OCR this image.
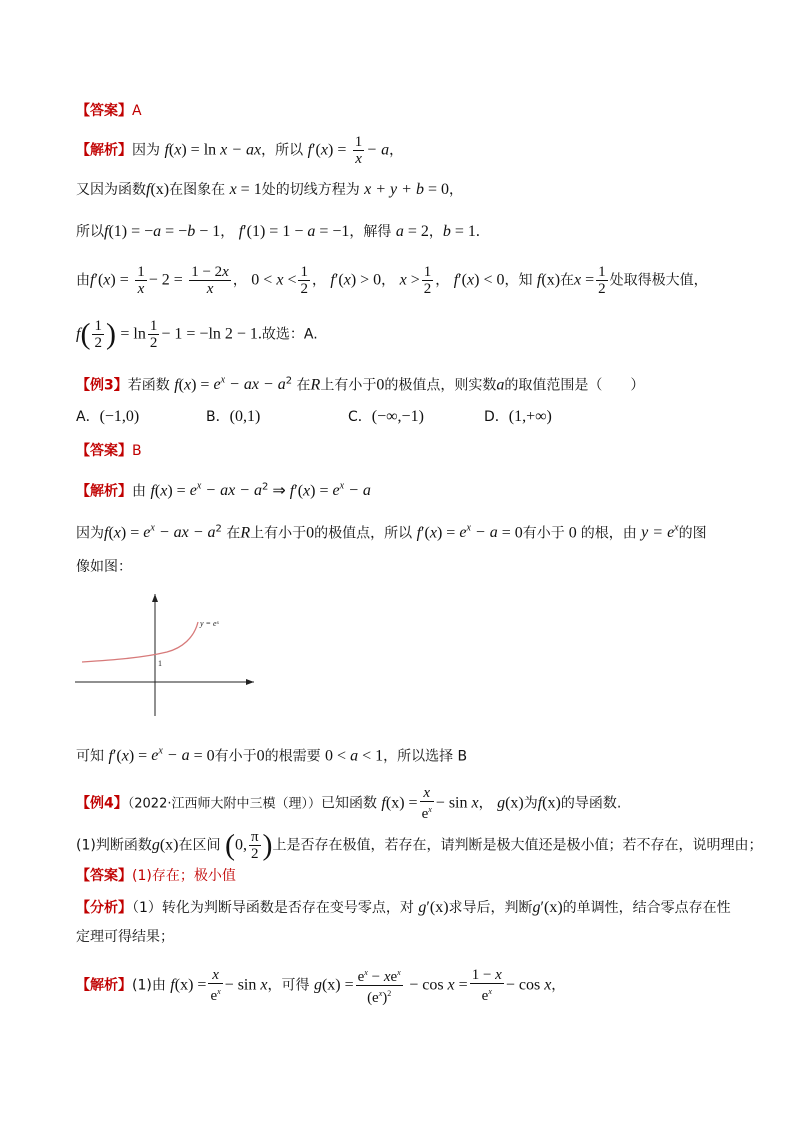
【答案】A
【解析】因为 f(x) = ln x − ax，所以 $f'(x) = \frac{1}{x} - a$，
又因为函数f(x)在图象在 x = 1处的切线方程为 x + y + b = 0，
所以f(1) = −a = −b − 1， f′(1) = 1 − a = −1，解得 a = 2，b = 1.
由$f'(x) = \frac{1}{x} - 2 = \frac{1 - 2x}{x}$ ， $0 < x < \frac{1}{2}$ ， f′(x) > 0， $x > \frac{1}{2}$ ， f′(x) < 0，知 f(x)在$x = \frac{1}{2}$ 处取得极大值，
$f( \frac{1}{2}$ ) = $\ln \frac{1}{2} - 1 = -\ln$ 2 − 1.故选：A.
【例3】若函数 $f(x) = e^x$ − ax − $a^2$ 在R上有小于0的极值点，则实数a的取值范围是（　　）
A．(−1,0)	B．(0,1)	C．(−∞,−1)	D．(1,+∞)
【答案】B
【解析】由 $f(x) = e^x$ − ax − $a^2$ ⇒ $f'(x) = e^x - a$
因为$f(x) = e^x$ − ax − $a^2$ 在R上有小于0的极值点，所以 $f'(x) = e^x - a = 0$有小于 0 的根，由 $y = e^x$的图
像如图：
y = eˣ
1
可知 $f'(x) = e^x - a = 0$有小于0的根需要 0 < a < 1，所以选择 B
【例4】（2022·江西师大附中三模（理））已知函数 $f(x) = \frac{x}{e^x} - \sin x$， g(x)为f(x)的导函数.
(1)判断函数g(x)在区间 (0, $\frac{\pi}{2}$ )上是否存在极值，若存在，请判断是极大值还是极小值；若不存在，说明理由；
【答案】(1)存在；极小值
【分析】（1）转化为判断导函数是否存在变号零点，对 g′(x)求导后，判断g′(x)的单调性，结合零点存在性
定理可得结果；
【解析】(1)由 $f(x) = \frac{x}{e^x} - \sin x$，可得 $g(x) = \frac{e^x - xe^x}{(e^x)^2} - \cos x = \frac{1 - x}{e^x} - \cos x$，
